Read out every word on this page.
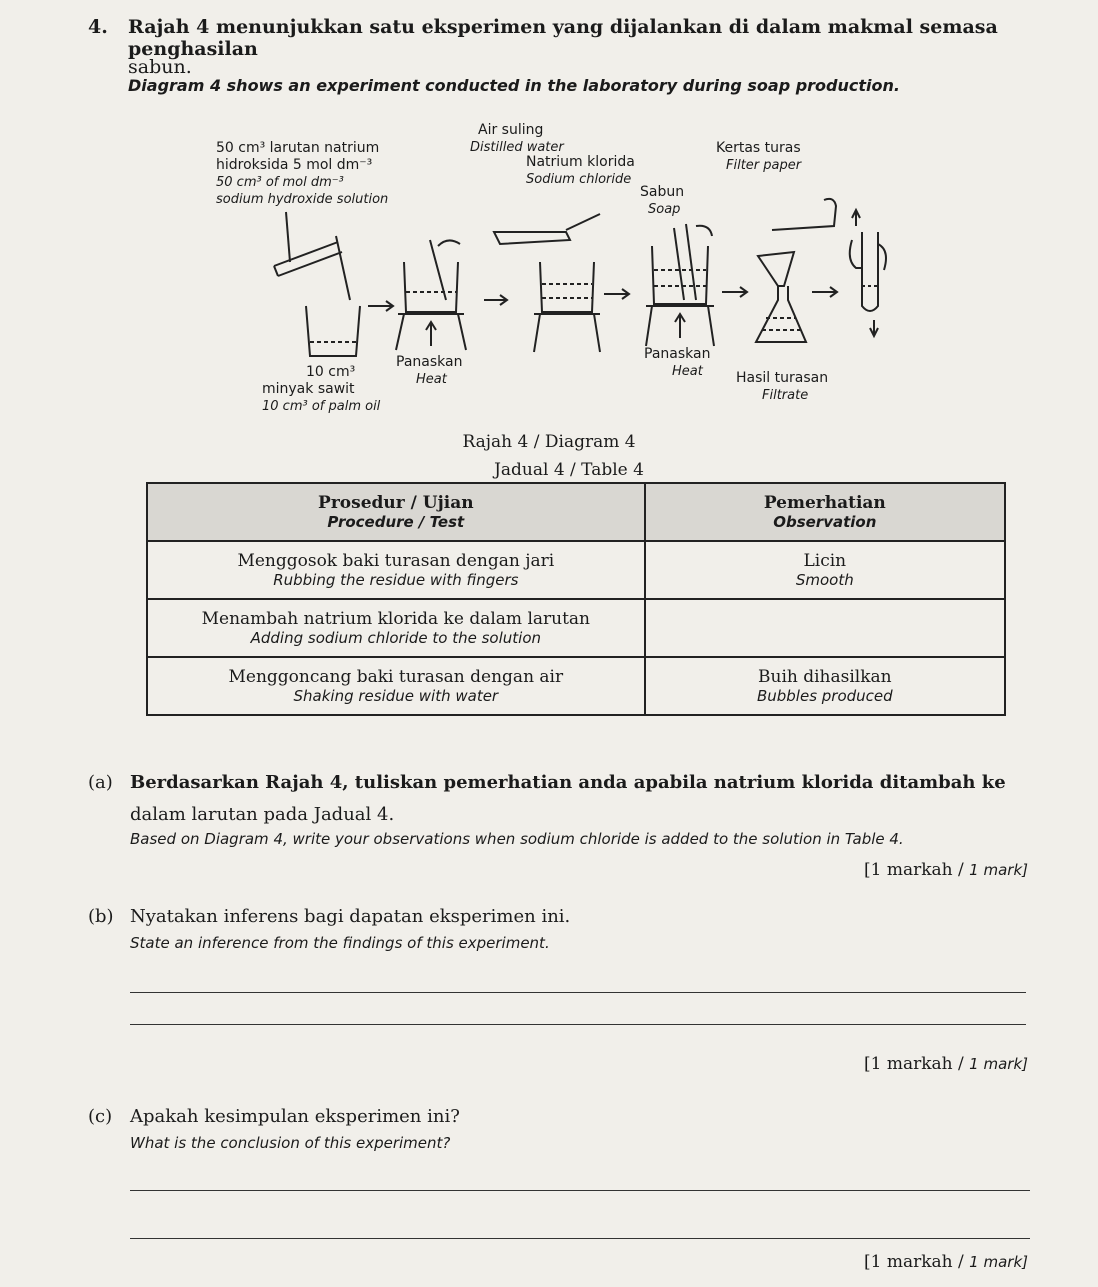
4. Rajah 4 menunjukkan satu eksperimen yang dijalankan di dalam makmal semasa penghasilan
sabun.
Diagram 4 shows an experiment conducted in the laboratory during soap production.
50 cm³ larutan natrium
hidroksida 5 mol dm⁻³
50 cm³ of mol dm⁻³
sodium hydroxide solution
Air suling
Distilled water
Natrium klorida
Sodium chloride
Sabun
Soap
Kertas turas
Filter paper
10 cm³
minyak sawit
10 cm³ of palm oil
Panaskan
Heat
Panaskan
Heat	Hasil turasan
Filtrate
Rajah 4 / Diagram 4
Jadual 4 / Table 4
Prosedur / Ujian
Procedure / Test	Pemerhatian
Observation

Menggosok baki turasan dengan jari
Rubbing the residue with fingers	Licin
Smooth

Menambah natrium klorida ke dalam larutan
Adding sodium chloride to the solution	

Menggoncang baki turasan dengan air
Shaking residue with water	Buih dihasilkan
Bubbles produced
(a) Berdasarkan Rajah 4, tuliskan pemerhatian anda apabila natrium klorida ditambah ke
dalam larutan pada Jadual 4.
Based on Diagram 4, write your observations when sodium chloride is added to the solution in Table 4.
[1 markah / 1 mark]
(b) Nyatakan inferens bagi dapatan eksperimen ini.
State an inference from the findings of this experiment.
[1 markah / 1 mark]
(c) Apakah kesimpulan eksperimen ini?
What is the conclusion of this experiment?
[1 markah / 1 mark]
